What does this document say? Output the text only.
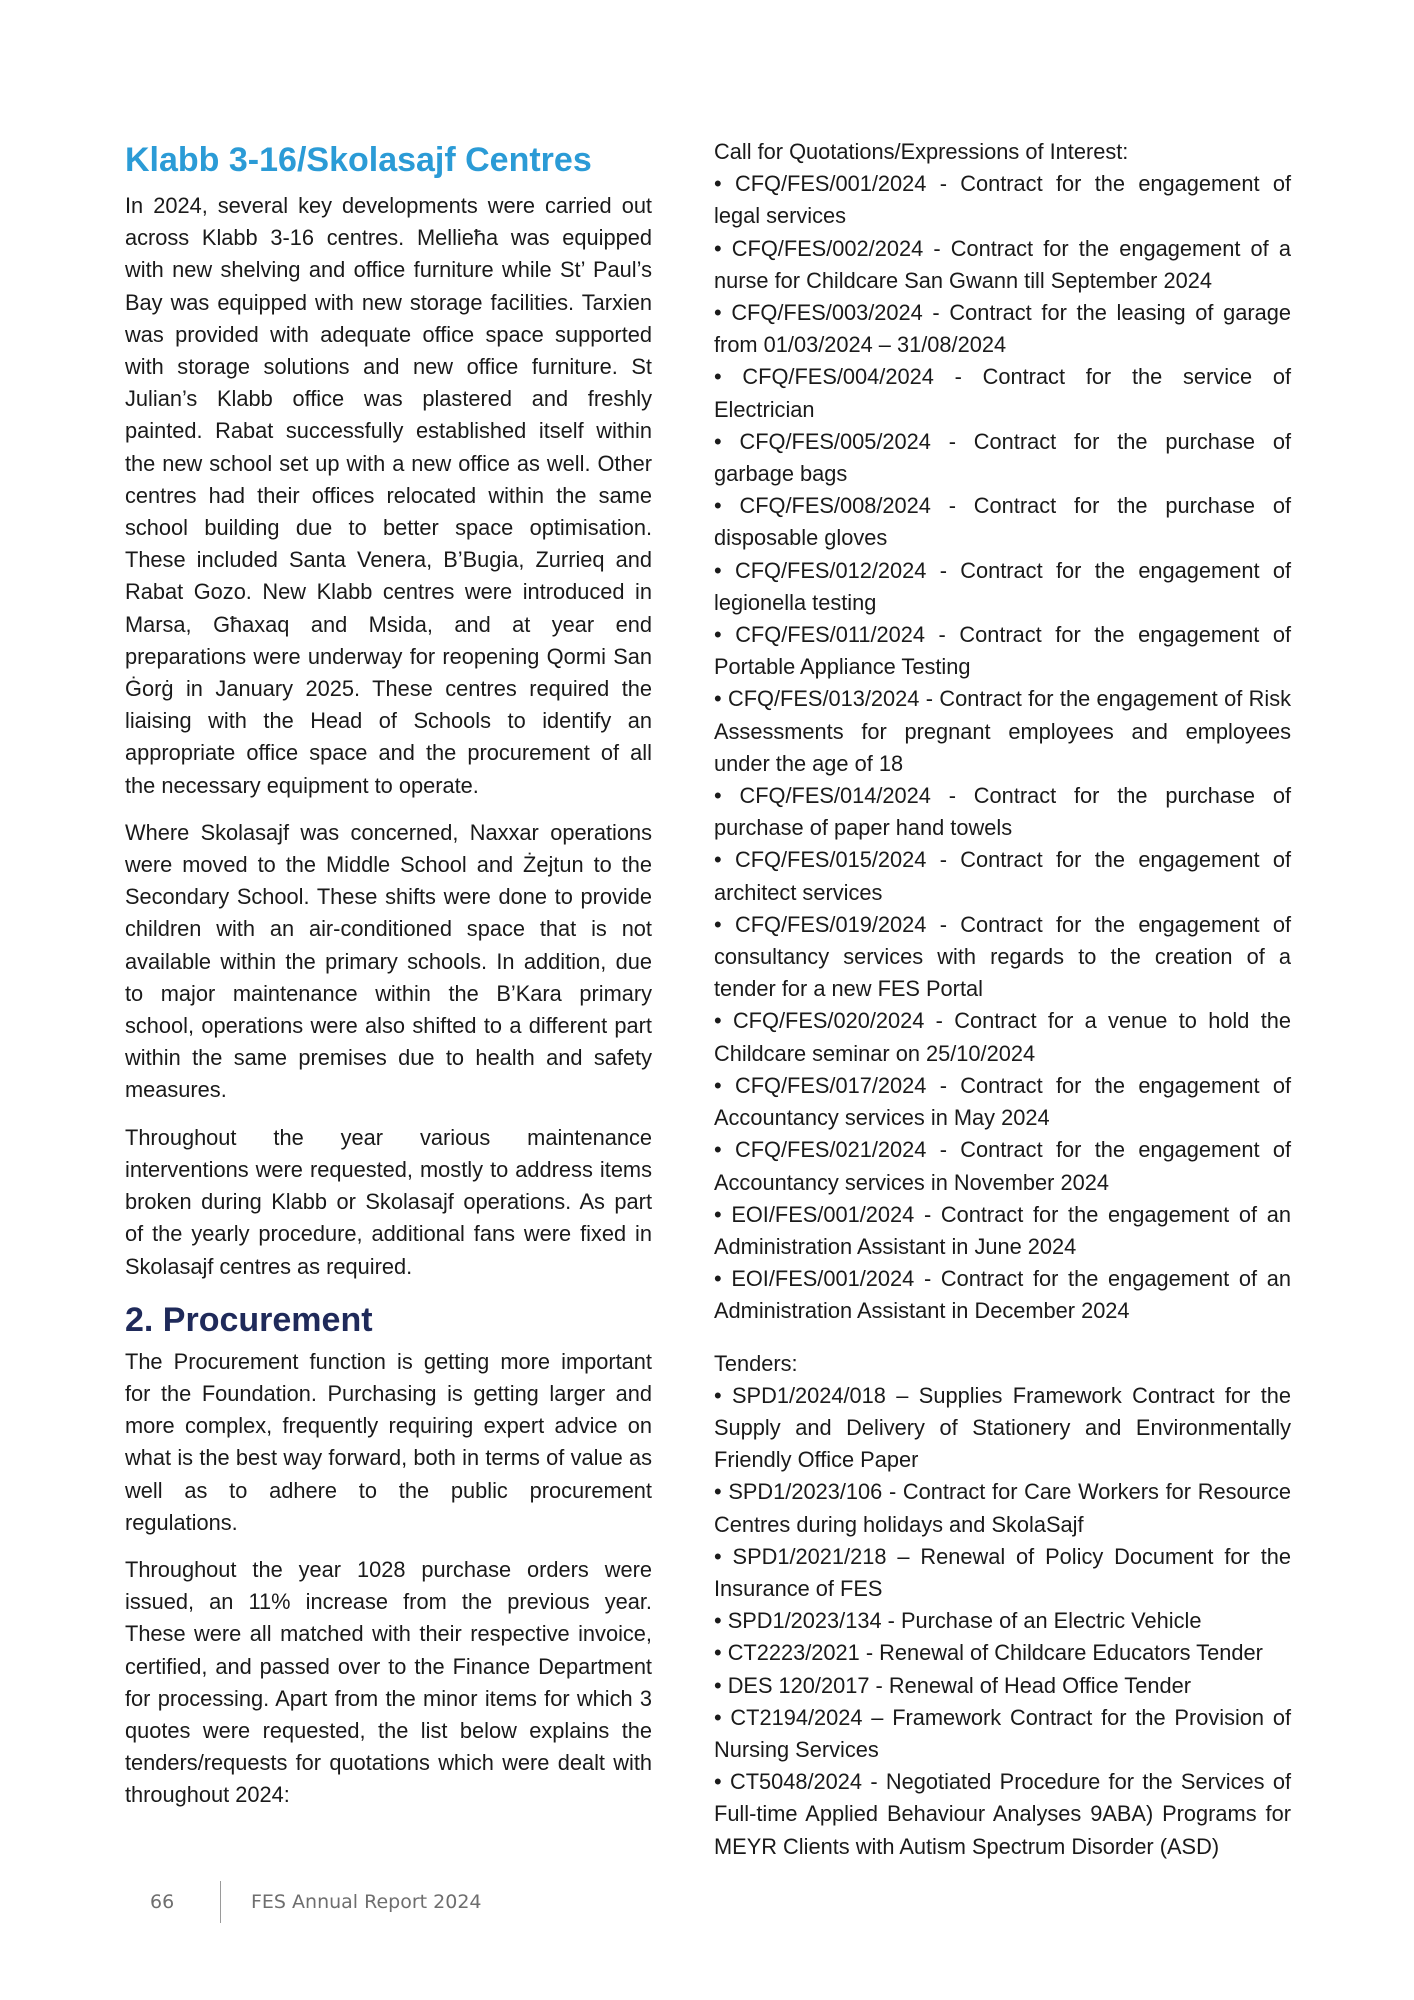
Klabb 3-16/Skolasajf Centres

In 2024, several key developments were carried out across Klabb 3-16 centres. Mellieħa was equipped with new shelving and office furniture while St’ Paul’s Bay was equipped with new storage facilities. Tarxien was provided with adequate office space supported with storage solutions and new office furniture. St Julian’s Klabb office was plastered and freshly painted. Rabat successfully established itself within the new school set up with a new office as well. Other centres had their offices relocated within the same school building due to better space optimisation. These included Santa Venera, B’Bugia, Zurrieq and Rabat Gozo. New Klabb centres were introduced in Marsa, Għaxaq and Msida, and at year end preparations were underway for reopening Qormi San Ġorġ in January 2025. These centres required the liaising with the Head of Schools to identify an appropriate office space and the procurement of all the necessary equipment to operate.

Where Skolasajf was concerned, Naxxar operations were moved to the Middle School and Żejtun to the Secondary School. These shifts were done to provide children with an air-conditioned space that is not available within the primary schools. In addition, due to major maintenance within the B’Kara primary school, operations were also shifted to a different part within the same premises due to health and safety measures.

Throughout the year various maintenance interventions were requested, mostly to address items broken during Klabb or Skolasajf operations. As part of the yearly procedure, additional fans were fixed in Skolasajf centres as required.

2. Procurement

The Procurement function is getting more important for the Foundation. Purchasing is getting larger and more complex, frequently requiring expert advice on what is the best way forward, both in terms of value as well as to adhere to the public procurement regulations.

Throughout the year 1028 purchase orders were issued, an 11% increase from the previous year. These were all matched with their respective invoice, certified, and passed over to the Finance Department for processing. Apart from the minor items for which 3 quotes were requested, the list below explains the tenders/requests for quotations which were dealt with throughout 2024:

Call for Quotations/Expressions of Interest:
• CFQ/FES/001/2024 - Contract for the engagement of legal services
• CFQ/FES/002/2024 - Contract for the engagement of a nurse for Childcare San Gwann till September 2024
• CFQ/FES/003/2024 - Contract for the leasing of garage from 01/03/2024 – 31/08/2024
• CFQ/FES/004/2024 - Contract for the service of Electrician
• CFQ/FES/005/2024 - Contract for the purchase of garbage bags
• CFQ/FES/008/2024 - Contract for the purchase of disposable gloves
• CFQ/FES/012/2024 - Contract for the engagement of legionella testing
• CFQ/FES/011/2024 - Contract for the engagement of Portable Appliance Testing
• CFQ/FES/013/2024 - Contract for the engagement of Risk Assessments for pregnant employees and employees under the age of 18
• CFQ/FES/014/2024 - Contract for the purchase of purchase of paper hand towels
• CFQ/FES/015/2024 - Contract for the engagement of architect services
• CFQ/FES/019/2024 - Contract for the engagement of consultancy services with regards to the creation of a tender for a new FES Portal
• CFQ/FES/020/2024 - Contract for a venue to hold the Childcare seminar on 25/10/2024
• CFQ/FES/017/2024 - Contract for the engagement of Accountancy services in May 2024
• CFQ/FES/021/2024 - Contract for the engagement of Accountancy services in November 2024
• EOI/FES/001/2024 - Contract for the engagement of an Administration Assistant in June 2024
• EOI/FES/001/2024 - Contract for the engagement of an Administration Assistant in December 2024
Tenders:
• SPD1/2024/018 – Supplies Framework Contract for the Supply and Delivery of Stationery and Environmentally Friendly Office Paper
• SPD1/2023/106 - Contract for Care Workers for Resource Centres during holidays and SkolaSajf
• SPD1/2021/218 – Renewal of Policy Document for the Insurance of FES
• SPD1/2023/134 - Purchase of an Electric Vehicle
• CT2223/2021 - Renewal of Childcare Educators Tender
• DES 120/2017 - Renewal of Head Office Tender
• CT2194/2024 – Framework Contract for the Provision of Nursing Services
• CT5048/2024 - Negotiated Procedure for the Services of Full-time Applied Behaviour Analyses 9ABA) Programs for MEYR Clients with Autism Spectrum Disorder (ASD)
66	FES Annual Report 2024
